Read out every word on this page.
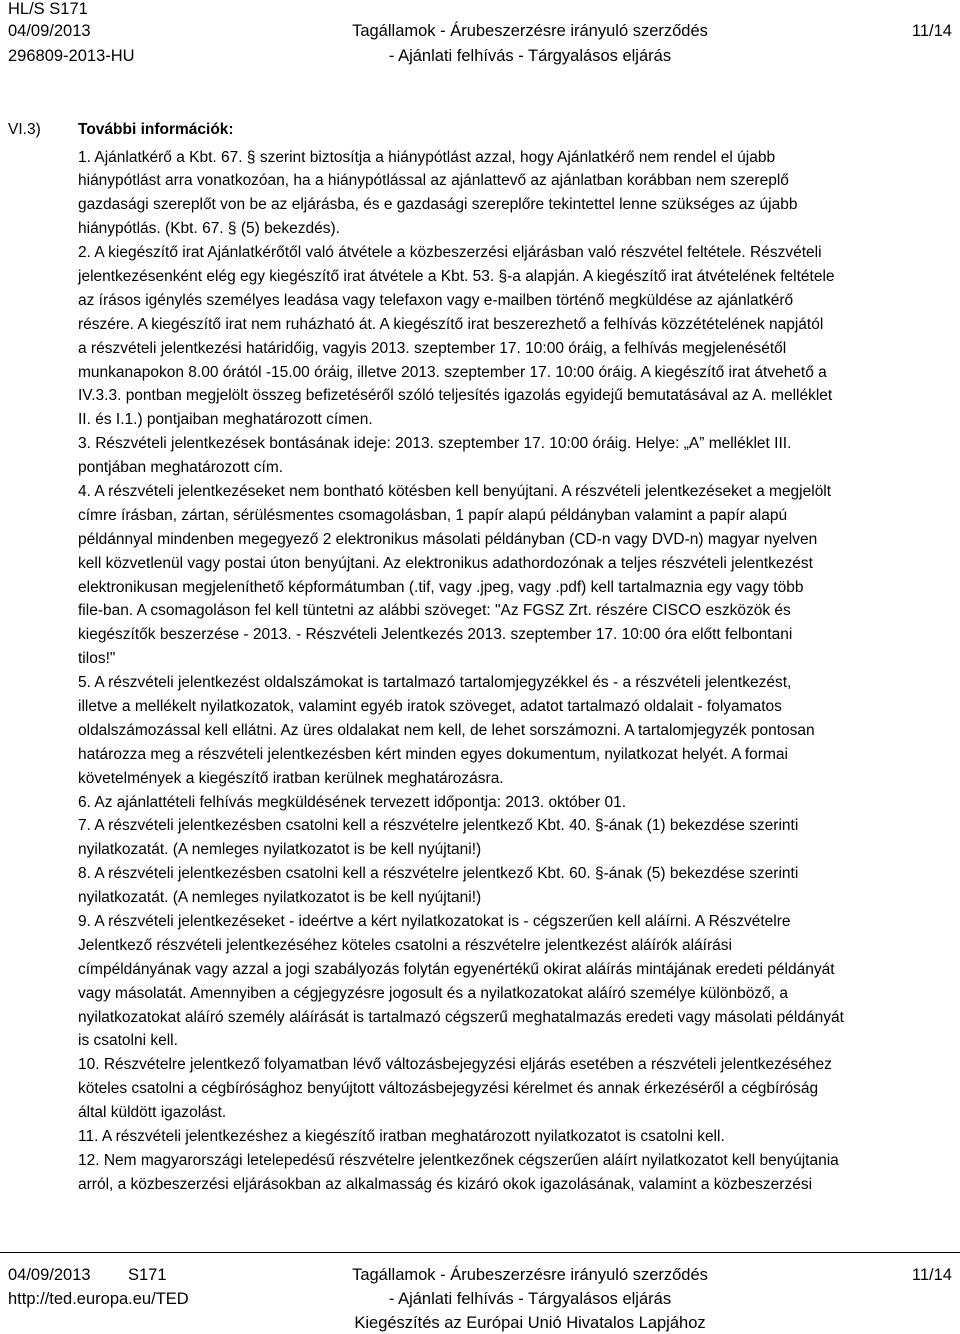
HL/S S171
04/09/2013
296809-2013-HU
Tagállamok - Árubeszerzésre irányuló szerződés
- Ajánlati felhívás - Tárgyalásos eljárás
11/14
VI.3) További információk:
1. Ajánlatkérő a Kbt. 67. § szerint biztosítja a hiánypótlást azzal, hogy Ajánlatkérő nem rendel el újabb
hiánypótlást arra vonatkozóan, ha a hiánypótlással az ajánlattevő az ajánlatban korábban nem szereplő
gazdasági szereplőt von be az eljárásba, és e gazdasági szereplőre tekintettel lenne szükséges az újabb
hiánypótlás. (Kbt. 67. § (5) bekezdés).
2. A kiegészítő irat Ajánlatkérőtől való átvétele a közbeszerzési eljárásban való részvétel feltétele. Részvételi
jelentkezésenként elég egy kiegészítő irat átvétele a Kbt. 53. §-a alapján. A kiegészítő irat átvételének feltétele
az írásos igénylés személyes leadása vagy telefaxon vagy e-mailben történő megküldése az ajánlatkérő
részére. A kiegészítő irat nem ruházható át. A kiegészítő irat beszerezhető a felhívás közzétételének napjától
a részvételi jelentkezési határidőig, vagyis 2013. szeptember 17. 10:00 óráig, a felhívás megjelenésétől
munkanapokon 8.00 órától -15.00 óráig, illetve 2013. szeptember 17. 10:00 óráig. A kiegészítő irat átvehető a
IV.3.3. pontban megjelölt összeg befizetéséről szóló teljesítés igazolás egyidejű bemutatásával az A. melléklet
II. és I.1.) pontjaiban meghatározott címen.
3. Részvételi jelentkezések bontásának ideje: 2013. szeptember 17. 10:00 óráig. Helye: „A” melléklet III.
pontjában meghatározott cím.
4. A részvételi jelentkezéseket nem bontható kötésben kell benyújtani. A részvételi jelentkezéseket a megjelölt
címre írásban, zártan, sérülésmentes csomagolásban, 1 papír alapú példányban valamint a papír alapú
példánnyal mindenben megegyező 2 elektronikus másolati példányban (CD-n vagy DVD-n) magyar nyelven
kell közvetlenül vagy postai úton benyújtani. Az elektronikus adathordozónak a teljes részvételi jelentkezést
elektronikusan megjeleníthető képformátumban (.tif, vagy .jpeg, vagy .pdf) kell tartalmaznia egy vagy több
file-ban. A csomagoláson fel kell tüntetni az alábbi szöveget: "Az FGSZ Zrt. részére CISCO eszközök és
kiegészítők beszerzése - 2013. - Részvételi Jelentkezés 2013. szeptember 17. 10:00 óra előtt felbontani
tilos!"
5. A részvételi jelentkezést oldalszámokat is tartalmazó tartalomjegyzékkel és - a részvételi jelentkezést,
illetve a mellékelt nyilatkozatok, valamint egyéb iratok szöveget, adatot tartalmazó oldalait - folyamatos
oldalszámozással kell ellátni. Az üres oldalakat nem kell, de lehet sorszámozni. A tartalomjegyzék pontosan
határozza meg a részvételi jelentkezésben kért minden egyes dokumentum, nyilatkozat helyét. A formai
követelmények a kiegészítő iratban kerülnek meghatározásra.
6. Az ajánlattételi felhívás megküldésének tervezett időpontja: 2013. október 01.
7. A részvételi jelentkezésben csatolni kell a részvételre jelentkező Kbt. 40. §-ának (1) bekezdése szerinti
nyilatkozatát. (A nemleges nyilatkozatot is be kell nyújtani!)
8. A részvételi jelentkezésben csatolni kell a részvételre jelentkező Kbt. 60. §-ának (5) bekezdése szerinti
nyilatkozatát. (A nemleges nyilatkozatot is be kell nyújtani!)
9. A részvételi jelentkezéseket - ideértve a kért nyilatkozatokat is - cégszerűen kell aláírni. A Részvételre
Jelentkező részvételi jelentkezéséhez köteles csatolni a részvételre jelentkezést aláírók aláírási
címpéldányának vagy azzal a jogi szabályozás folytán egyenértékű okirat aláírás mintájának eredeti példányát
vagy másolatát. Amennyiben a cégjegyzésre jogosult és a nyilatkozatokat aláíró személye különböző, a
nyilatkozatokat aláíró személy aláírását is tartalmazó cégszerű meghatalmazás eredeti vagy másolati példányát
is csatolni kell.
10. Részvételre jelentkező folyamatban lévő változásbejegyzési eljárás esetében a részvételi jelentkezéséhez
köteles csatolni a cégbírósághoz benyújtott változásbejegyzési kérelmet és annak érkezéséről a cégbíróság
által küldött igazolást.
11. A részvételi jelentkezéshez a kiegészítő iratban meghatározott nyilatkozatot is csatolni kell.
12. Nem magyarországi letelepedésű részvételre jelentkezőnek cégszerűen aláírt nyilatkozatot kell benyújtania
arról, a közbeszerzési eljárásokban az alkalmasság és kizáró okok igazolásának, valamint a közbeszerzési
04/09/2013 S171
http://ted.europa.eu/TED
Tagállamok - Árubeszerzésre irányuló szerződés
- Ajánlati felhívás - Tárgyalásos eljárás
Kiegészítés az Európai Unió Hivatalos Lapjához
11/14
